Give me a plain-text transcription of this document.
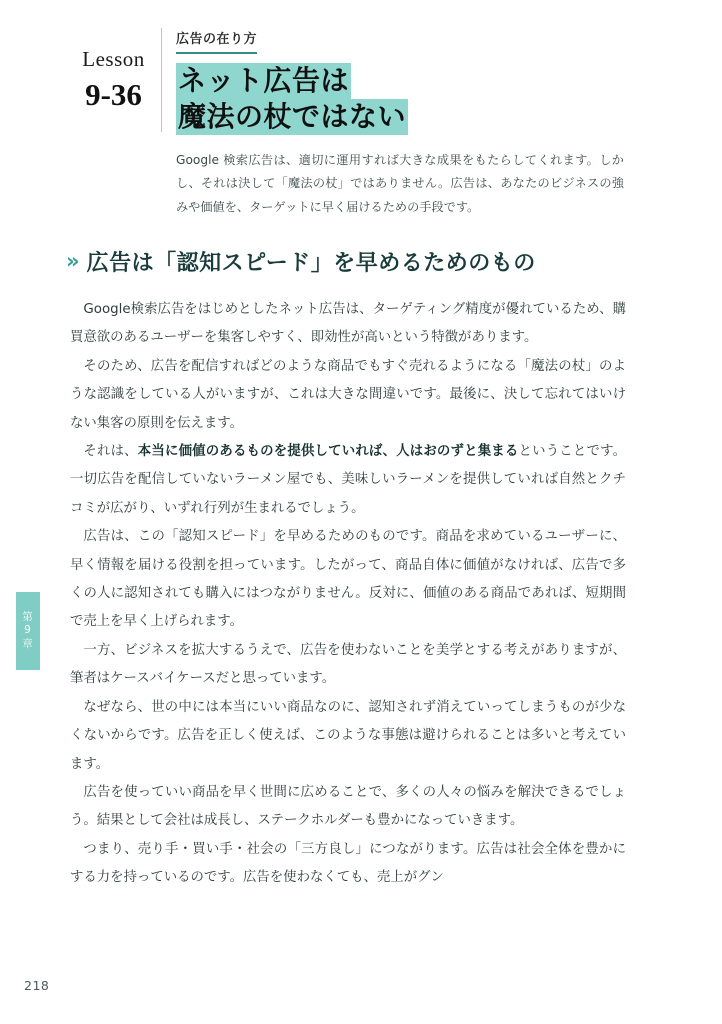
Lesson
9-36
広告の在り方
ネット広告は
魔法の杖ではない
Google 検索広告は、適切に運用すれば大きな成果をもたらしてくれます。しかし、それは決して「魔法の杖」ではありません。広告は、あなたのビジネスの強みや価値を、ターゲットに早く届けるための手段です。
» 広告は「認知スピード」を早めるためのもの

Google検索広告をはじめとしたネット広告は、ターゲティング精度が優れているため、購買意欲のあるユーザーを集客しやすく、即効性が高いという特徴があります。

そのため、広告を配信すればどのような商品でもすぐ売れるようになる「魔法の杖」のような認識をしている人がいますが、これは大きな間違いです。最後に、決して忘れてはいけない集客の原則を伝えます。

それは、本当に価値のあるものを提供していれば、人はおのずと集まるということです。一切広告を配信していないラーメン屋でも、美味しいラーメンを提供していれば自然とクチコミが広がり、いずれ行列が生まれるでしょう。

広告は、この「認知スピード」を早めるためのものです。商品を求めているユーザーに、早く情報を届ける役割を担っています。したがって、商品自体に価値がなければ、広告で多くの人に認知されても購入にはつながりません。反対に、価値のある商品であれば、短期間で売上を早く上げられます。

一方、ビジネスを拡大するうえで、広告を使わないことを美学とする考えがありますが、筆者はケースバイケースだと思っています。

なぜなら、世の中には本当にいい商品なのに、認知されず消えていってしまうものが少なくないからです。広告を正しく使えば、このような事態は避けられることは多いと考えています。

広告を使っていい商品を早く世間に広めることで、多くの人々の悩みを解決できるでしょう。結果として会社は成長し、ステークホルダーも豊かになっていきます。

つまり、売り手・買い手・社会の「三方良し」につながります。広告は社会全体を豊かにする力を持っているのです。広告を使わなくても、売上がグン

第
9
章
218
